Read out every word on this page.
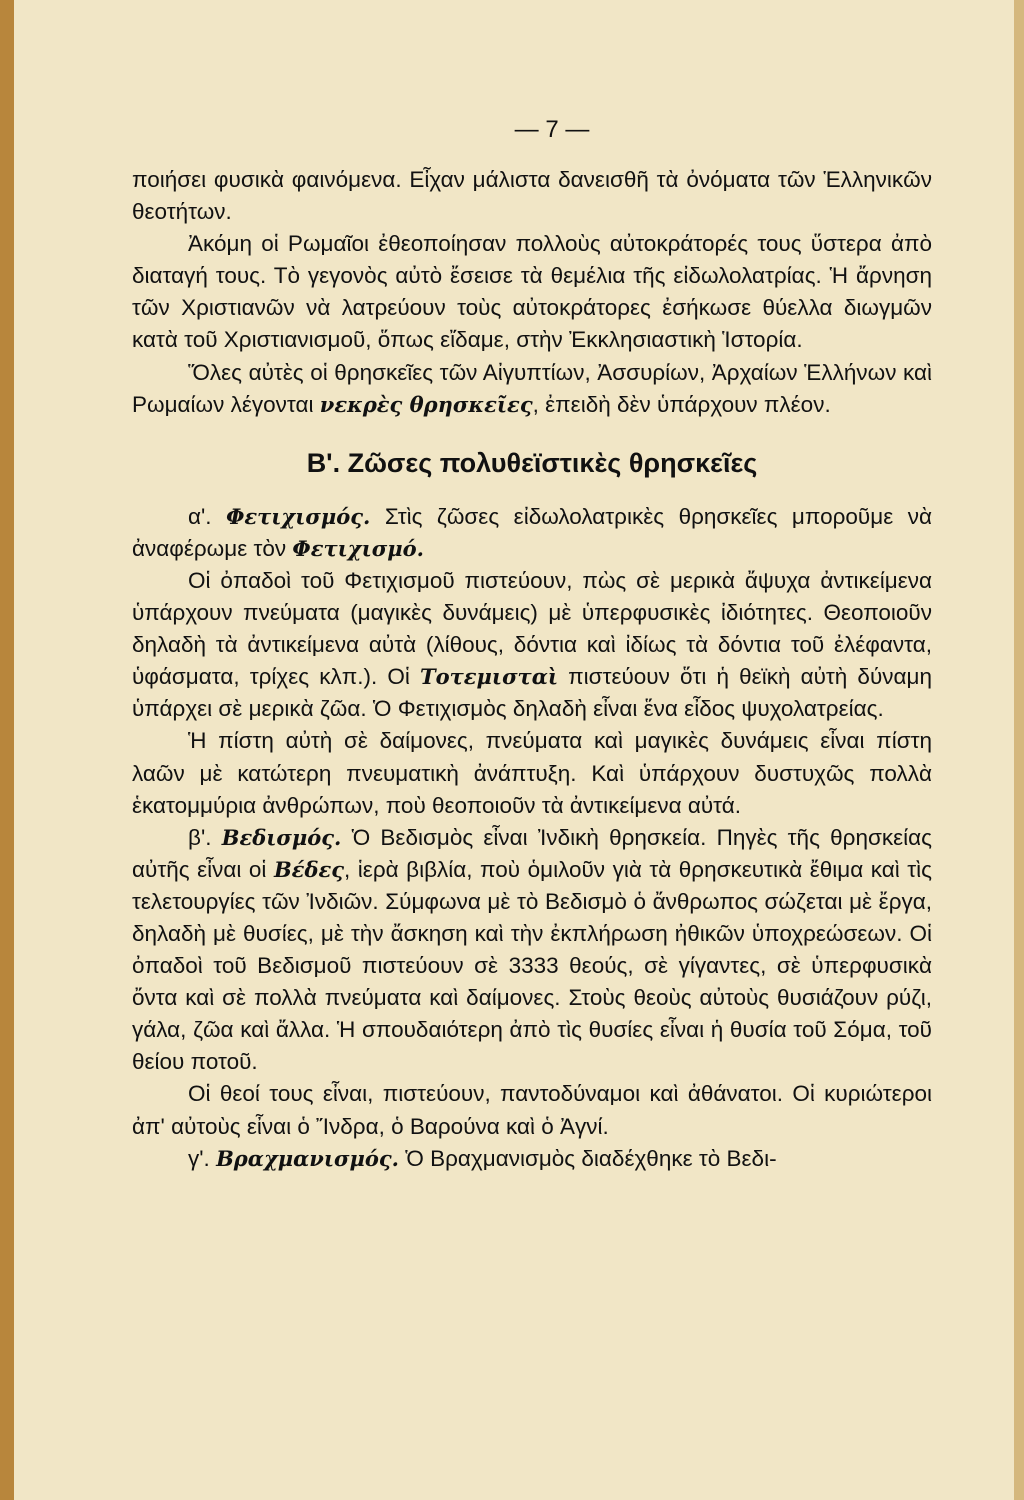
— 7 —

ποιήσει φυσικὰ φαινόμενα. Εἶχαν μάλιστα δανεισθῆ τὰ ὀνόματα τῶν Ἑλληνικῶν θεοτήτων.

Ἀκόμη οἱ Ρωμαῖοι ἐθεοποίησαν πολλοὺς αὐτοκράτορές τους ὕστερα ἀπὸ διαταγή τους. Τὸ γεγονὸς αὐτὸ ἔσεισε τὰ θεμέλια τῆς εἰδωλολατρίας. Ἡ ἄρνηση τῶν Χριστιανῶν νὰ λατρεύουν τοὺς αὐτοκράτορες ἐσήκωσε θύελλα διωγμῶν κατὰ τοῦ Χριστιανισμοῦ, ὅπως εἴδαμε, στὴν Ἐκκλησιαστικὴ Ἱστορία.

Ὅλες αὐτὲς οἱ θρησκεῖες τῶν Αἰγυπτίων, Ἀσσυρίων, Ἀρχαίων Ἑλλήνων καὶ Ρωμαίων λέγονται νεκρὲς θρησκεῖες, ἐπειδὴ δὲν ὑπάρχουν πλέον.

Β'. Ζῶσες πολυθεϊστικὲς θρησκεῖες

α'. Φετιχισμός. Στὶς ζῶσες εἰδωλολατρικὲς θρησκεῖες μποροῦμε νὰ ἀναφέρωμε τὸν Φετιχισμό.

Οἱ ὀπαδοὶ τοῦ Φετιχισμοῦ πιστεύουν, πὼς σὲ μερικὰ ἄψυχα ἀντικείμενα ὑπάρχουν πνεύματα (μαγικὲς δυνάμεις) μὲ ὑπερφυσικὲς ἰδιότητες. Θεοποιοῦν δηλαδὴ τὰ ἀντικείμενα αὐτὰ (λίθους, δόντια καὶ ἰδίως τὰ δόντια τοῦ ἐλέφαντα, ὑφάσματα, τρίχες κλπ.). Οἱ Τοτεμισταὶ πιστεύουν ὅτι ἡ θεϊκὴ αὐτὴ δύναμη ὑπάρχει σὲ μερικὰ ζῶα. Ὁ Φετιχισμὸς δηλαδὴ εἶναι ἕνα εἶδος ψυχολατρείας.

Ἡ πίστη αὐτὴ σὲ δαίμονες, πνεύματα καὶ μαγικὲς δυνάμεις εἶναι πίστη λαῶν μὲ κατώτερη πνευματικὴ ἀνάπτυξη. Καὶ ὑπάρχουν δυστυχῶς πολλὰ ἑκατομμύρια ἀνθρώπων, ποὺ θεοποιοῦν τὰ ἀντικείμενα αὐτά.

β'. Βεδισμός. Ὁ Βεδισμὸς εἶναι Ἰνδικὴ θρησκεία. Πηγὲς τῆς θρησκείας αὐτῆς εἶναι οἱ Βέδες, ἱερὰ βιβλία, ποὺ ὁμιλοῦν γιὰ τὰ θρησκευτικὰ ἔθιμα καὶ τὶς τελετουργίες τῶν Ἰνδιῶν. Σύμφωνα μὲ τὸ Βεδισμὸ ὁ ἄνθρωπος σώζεται μὲ ἔργα, δηλαδὴ μὲ θυσίες, μὲ τὴν ἄσκηση καὶ τὴν ἐκπλήρωση ἠθικῶν ὑποχρεώσεων. Οἱ ὀπαδοὶ τοῦ Βεδισμοῦ πιστεύουν σὲ 3333 θεούς, σὲ γίγαντες, σὲ ὑπερφυσικὰ ὄντα καὶ σὲ πολλὰ πνεύματα καὶ δαίμονες. Στοὺς θεοὺς αὐτοὺς θυσιάζουν ρύζι, γάλα, ζῶα καὶ ἄλλα. Ἡ σπουδαιότερη ἀπὸ τὶς θυσίες εἶναι ἡ θυσία τοῦ Σόμα, τοῦ θείου ποτοῦ.

Οἱ θεοί τους εἶναι, πιστεύουν, παντοδύναμοι καὶ ἀθάνατοι. Οἱ κυριώτεροι ἀπ' αὐτοὺς εἶναι ὁ Ἴνδρα, ὁ Βαρούνα καὶ ὁ Ἀγνί.

γ'. Βραχμανισμός. Ὁ Βραχμανισμὸς διαδέχθηκε τὸ Βεδι-
